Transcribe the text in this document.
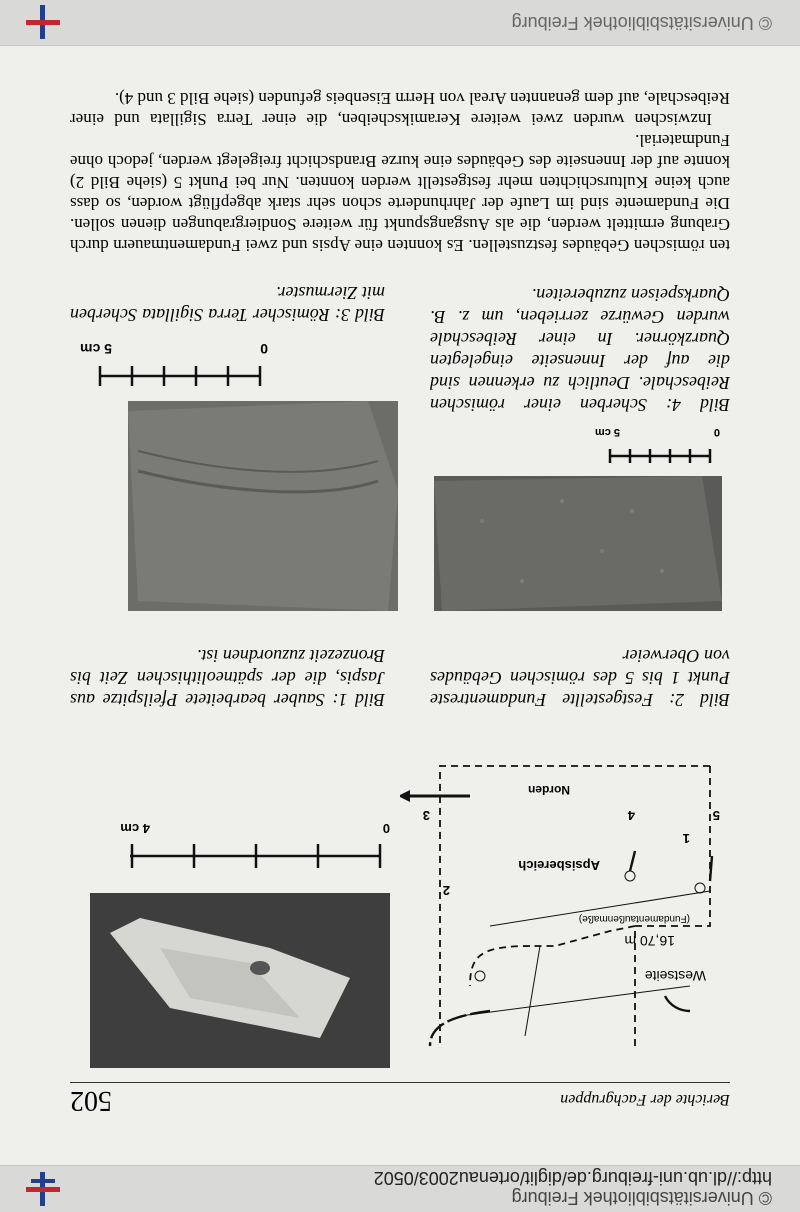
© Universitätsbibliothek Freiburg
http://dl.ub.uni-freiburg.de/diglit/ortenau2003/0502
Berichte der Fachgruppen
502
Westseite
16,70 m
(Fundamentaußenmaße)
Apsisbereich
Norden
1
2
3	4	5
0
4 cm
Bild 2: Festgestellte Fundamentreste Punkt 1 bis 5 des römischen Gebäudes von Oberweier
Bild 1: Sauber bearbeitete Pfeilspitze aus Jaspis, die der spätneolithischen Zeit bis Bronzezeit zuzuordnen ist.
0
5 cm
0
5 cm
Bild 4: Scherben einer römischen Reibeschale. Deutlich zu erkennen sind die auf der Innenseite eingelegten Quarzkörner. In einer Reibeschale wurden Gewürze zerrieben, um z. B. Quarkspeisen zuzubereiten.
Bild 3: Römischer Terra Sigillata Scherben mit Ziermuster.

ten römischen Gebäudes festzustellen. Es konnten eine Apsis und zwei Fundamentmauern durch Grabung ermittelt werden, die als Ausgangspunkt für weitere Sondiergrabungen dienen sollen. Die Fundamente sind im Laufe der Jahrhunderte schon sehr stark abgepflügt worden, so dass auch keine Kulturschichten mehr festgestellt werden konnten. Nur bei Punkt 5 (siehe Bild 2) konnte auf der Innenseite des Gebäudes eine kurze Brandschicht freigelegt werden, jedoch ohne Fundmaterial.

Inzwischen wurden zwei weitere Keramikscheiben, die einer Terra Sigillata und einer Reibeschale, auf dem genannten Areal von Herrn Eisenbeis gefunden (siehe Bild 3 und 4).

© Universitätsbibliothek Freiburg
